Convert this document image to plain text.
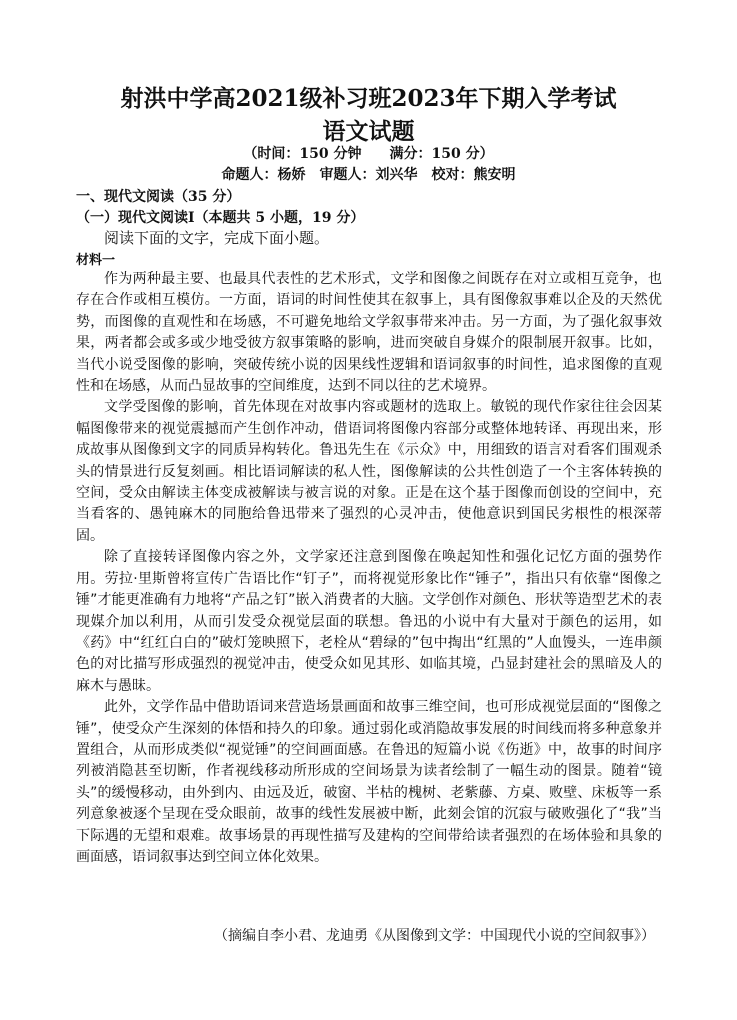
射洪中学高2021级补习班2023年下期入学考试
语文试题
（时间：150 分钟　　满分：150 分）
命题人：杨娇　审题人：刘兴华　校对：熊安明
一、现代文阅读（35 分）
（一）现代文阅读Ⅰ（本题共 5 小题，19 分）
阅读下面的文字，完成下面小题。
材料一

作为两种最主要、也最具代表性的艺术形式，文学和图像之间既存在对立或相互竞争，也存在合作或相互模仿。一方面，语词的时间性使其在叙事上，具有图像叙事难以企及的天然优势，而图像的直观性和在场感，不可避免地给文学叙事带来冲击。另一方面，为了强化叙事效果，两者都会或多或少地受彼方叙事策略的影响，进而突破自身媒介的限制展开叙事。比如，当代小说受图像的影响，突破传统小说的因果线性逻辑和语词叙事的时间性，追求图像的直观性和在场感，从而凸显故事的空间维度，达到不同以往的艺术境界。

文学受图像的影响，首先体现在对故事内容或题材的选取上。敏锐的现代作家往往会因某幅图像带来的视觉震撼而产生创作冲动，借语词将图像内容部分或整体地转译、再现出来，形成故事从图像到文字的同质异构转化。鲁迅先生在《示众》中，用细致的语言对看客们围观杀头的情景进行反复刻画。相比语词解读的私人性，图像解读的公共性创造了一个主客体转换的空间，受众由解读主体变成被解读与被言说的对象。正是在这个基于图像而创设的空间中，充当看客的、愚钝麻木的同胞给鲁迅带来了强烈的心灵冲击，使他意识到国民劣根性的根深蒂固。

除了直接转译图像内容之外，文学家还注意到图像在唤起知性和强化记忆方面的强势作用。劳拉·里斯曾将宣传广告语比作“钉子”，而将视觉形象比作“锤子”，指出只有依靠“图像之锤”才能更准确有力地将“产品之钉”嵌入消费者的大脑。文学创作对颜色、形状等造型艺术的表现媒介加以利用，从而引发受众视觉层面的联想。鲁迅的小说中有大量对于颜色的运用，如《药》中“红红白白的”破灯笼映照下，老栓从“碧绿的”包中掏出“红黑的”人血馒头，一连串颜色的对比描写形成强烈的视觉冲击，使受众如见其形、如临其境，凸显封建社会的黑暗及人的麻木与愚昧。

此外，文学作品中借助语词来营造场景画面和故事三维空间，也可形成视觉层面的“图像之锤”，使受众产生深刻的体悟和持久的印象。通过弱化或消隐故事发展的时间线而将多种意象并置组合，从而形成类似“视觉锤”的空间画面感。在鲁迅的短篇小说《伤逝》中，故事的时间序列被消隐甚至切断，作者视线移动所形成的空间场景为读者绘制了一幅生动的图景。随着“镜头”的缓慢移动，由外到内、由远及近，破窗、半枯的槐树、老紫藤、方桌、败壁、床板等一系列意象被逐个呈现在受众眼前，故事的线性发展被中断，此刻会馆的沉寂与破败强化了“我”当下际遇的无望和艰难。故事场景的再现性描写及建构的空间带给读者强烈的在场体验和具象的画面感，语词叙事达到空间立体化效果。

（摘编自李小君、龙迪勇《从图像到文学：中国现代小说的空间叙事》）
